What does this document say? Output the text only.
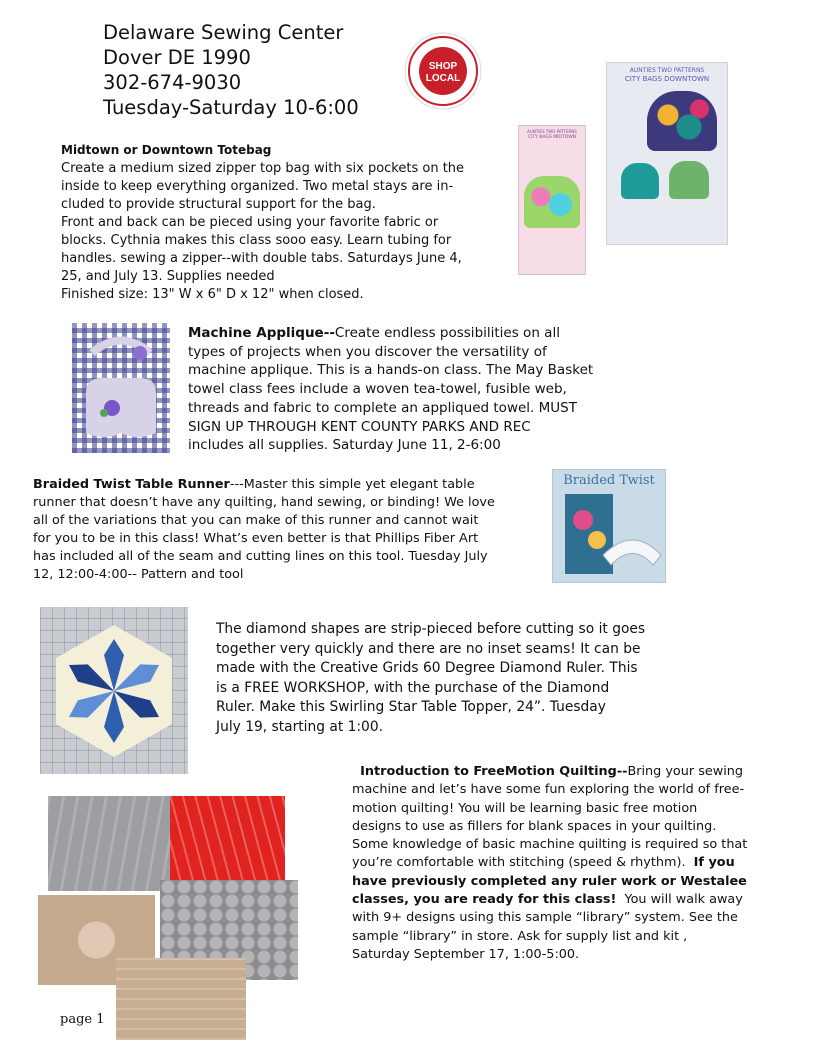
Delaware Sewing Center
Dover DE 1990
302-674-9030
Tuesday-Saturday 10-6:00
SHOP
LOCAL
AUNTIES TWO PATTERNS
CITY BAGS DOWNTOWN
AUNTIES TWO PATTERNS
CITY BAGS MIDTOWN
Midtown or Downtown Totebag
Create a medium sized zipper top bag with six pockets on the
inside to keep everything organized. Two metal stays are in-
cluded to provide structural support for the bag.
Front and back can be pieced using your favorite fabric or
blocks. Cythnia makes this class sooo easy. Learn tubing for
handles. sewing a zipper--with double tabs. Saturdays June 4,
25, and July 13. Supplies needed
Finished size: 13" W x 6" D x 12" when closed.
Machine Applique--Create endless possibilities on all
types of projects when you discover the versatility of
machine applique. This is a hands-on class. The May Basket
towel class fees include a woven tea-towel, fusible web,
threads and fabric to complete an appliqued towel. MUST
SIGN UP THROUGH KENT COUNTY PARKS AND REC
includes all supplies. Saturday June 11, 2-6:00
Braided Twist Table Runner---Master this simple yet elegant table
runner that doesn’t have any quilting, hand sewing, or binding! We love
all of the variations that you can make of this runner and cannot wait
for you to be in this class! What’s even better is that Phillips Fiber Art
has included all of the seam and cutting lines on this tool. Tuesday July
12, 12:00-4:00-- Pattern and tool
Braided Twist
The diamond shapes are strip-pieced before cutting so it goes
together very quickly and there are no inset seams! It can be
made with the Creative Grids 60 Degree Diamond Ruler. This
is a FREE WORKSHOP, with the purchase of the Diamond
Ruler. Make this Swirling Star Table Topper, 24”. Tuesday
July 19, starting at 1:00.
Introduction to FreeMotion Quilting--Bring your sewing
machine and let’s have some fun exploring the world of free-
motion quilting! You will be learning basic free motion
designs to use as fillers for blank spaces in your quilting.
Some knowledge of basic machine quilting is required so that
you’re comfortable with stitching (speed & rhythm). If you
have previously completed any ruler work or Westalee
classes, you are ready for this class! You will walk away
with 9+ designs using this sample “library” system. See the
sample “library” in store. Ask for supply list and kit ,
Saturday September 17, 1:00-5:00.
page 1
